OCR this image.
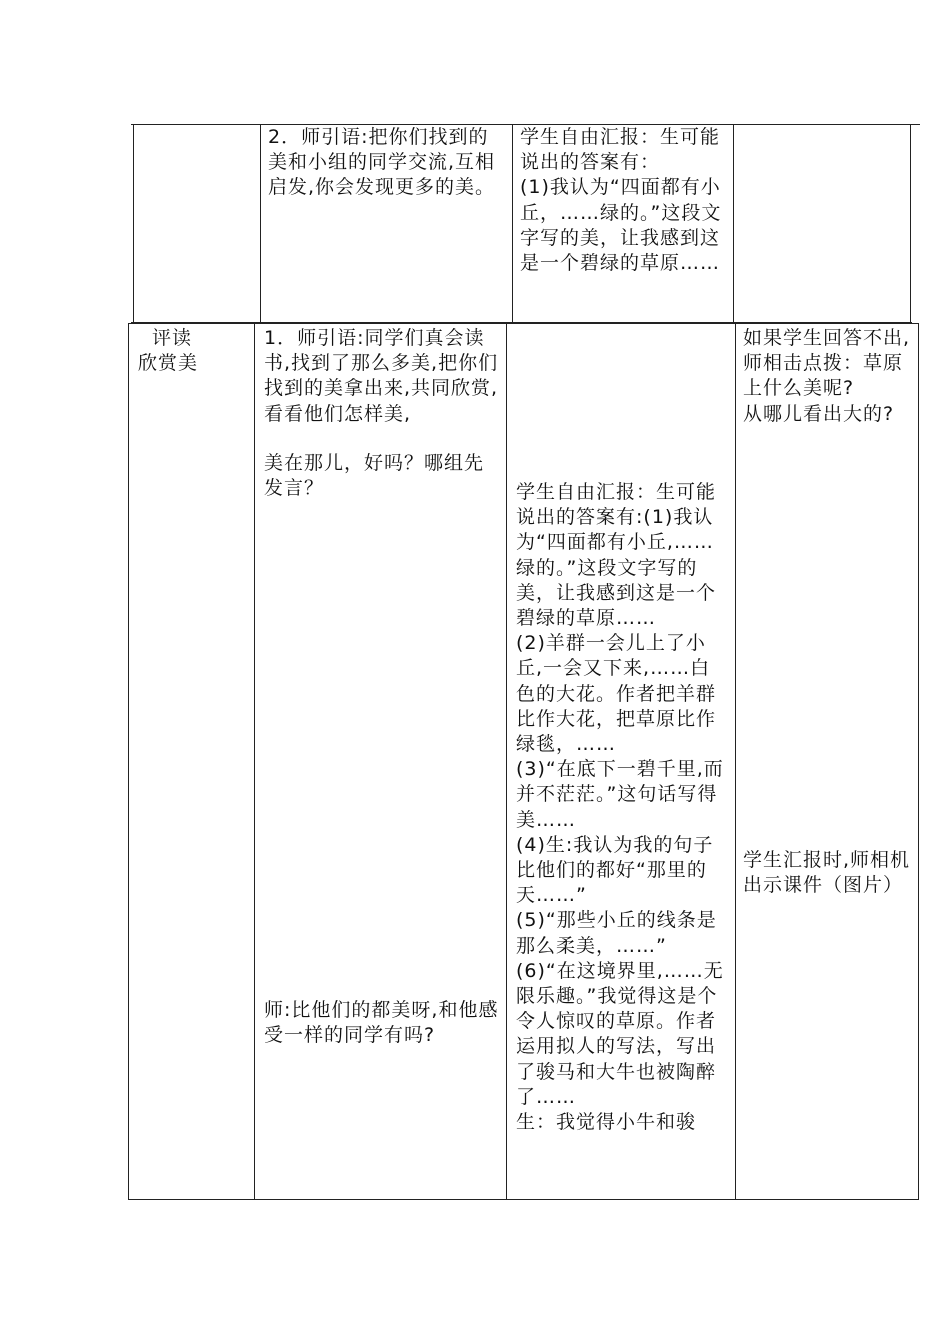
2．师引语:把你们找到的美和小组的同学交流,互相启发,你会发现更多的美。
学生自由汇报：生可能说出的答案有：
(1)我认为“四面都有小丘，……绿的。”这段文字写的美，让我感到这是一个碧绿的草原……
评读
欣赏美
1．师引语:同学们真会读书,找到了那么多美,把你们找到的美拿出来,共同欣赏,
看看他们怎样美,
美在那儿，好吗？哪组先发言？
师:比他们的都美呀,和他感受一样的同学有吗?
学生自由汇报：生可能说出的答案有:(1)我认为“四面都有小丘,……绿的。”这段文字写的美，让我感到这是一个碧绿的草原……
(2)羊群一会儿上了小丘,一会又下来,……白色的大花。作者把羊群比作大花，把草原比作绿毯，……
(3)“在底下一碧千里,而并不茫茫。”这句话写得美……
(4)生:我认为我的句子比他们的都好“那里的天……”
(5)“那些小丘的线条是那么柔美，……”
(6)“在这境界里,……无限乐趣。”我觉得这是个令人惊叹的草原。作者运用拟人的写法，写出了骏马和大牛也被陶醉了……
生：我觉得小牛和骏
如果学生回答不出,师相击点拨：草原上什么美呢?
从哪儿看出大的?
学生汇报时,师相机出示课件（图片）
